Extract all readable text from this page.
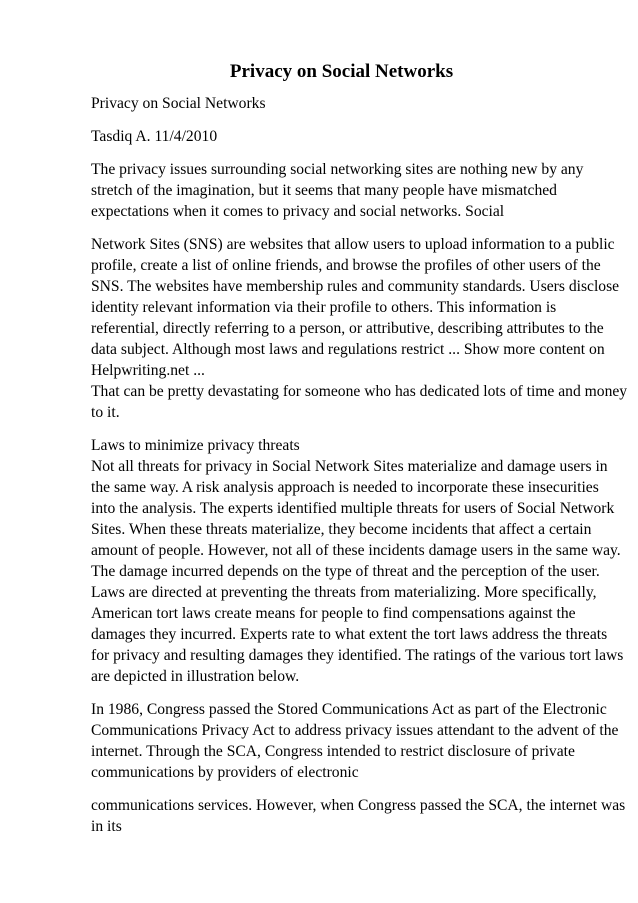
Privacy on Social Networks
Privacy on Social Networks
Tasdiq A. 11/4/2010
The privacy issues surrounding social networking sites are nothing new by any
stretch of the imagination, but it seems that many people have mismatched
expectations when it comes to privacy and social networks. Social
Network Sites (SNS) are websites that allow users to upload information to a public
profile, create a list of online friends, and browse the profiles of other users of the
SNS. The websites have membership rules and community standards. Users disclose
identity relevant information via their profile to others. This information is
referential, directly referring to a person, or attributive, describing attributes to the
data subject. Although most laws and regulations restrict ... Show more content on
Helpwriting.net ...
That can be pretty devastating for someone who has dedicated lots of time and money
to it.
Laws to minimize privacy threats
Not all threats for privacy in Social Network Sites materialize and damage users in
the same way. A risk analysis approach is needed to incorporate these insecurities
into the analysis. The experts identified multiple threats for users of Social Network
Sites. When these threats materialize, they become incidents that affect a certain
amount of people. However, not all of these incidents damage users in the same way.
The damage incurred depends on the type of threat and the perception of the user.
Laws are directed at preventing the threats from materializing. More specifically,
American tort laws create means for people to find compensations against the
damages they incurred. Experts rate to what extent the tort laws address the threats
for privacy and resulting damages they identified. The ratings of the various tort laws
are depicted in illustration below.
In 1986, Congress passed the Stored Communications Act as part of the Electronic
Communications Privacy Act to address privacy issues attendant to the advent of the
internet. Through the SCA, Congress intended to restrict disclosure of private
communications by providers of electronic
communications services. However, when Congress passed the SCA, the internet was
in its
